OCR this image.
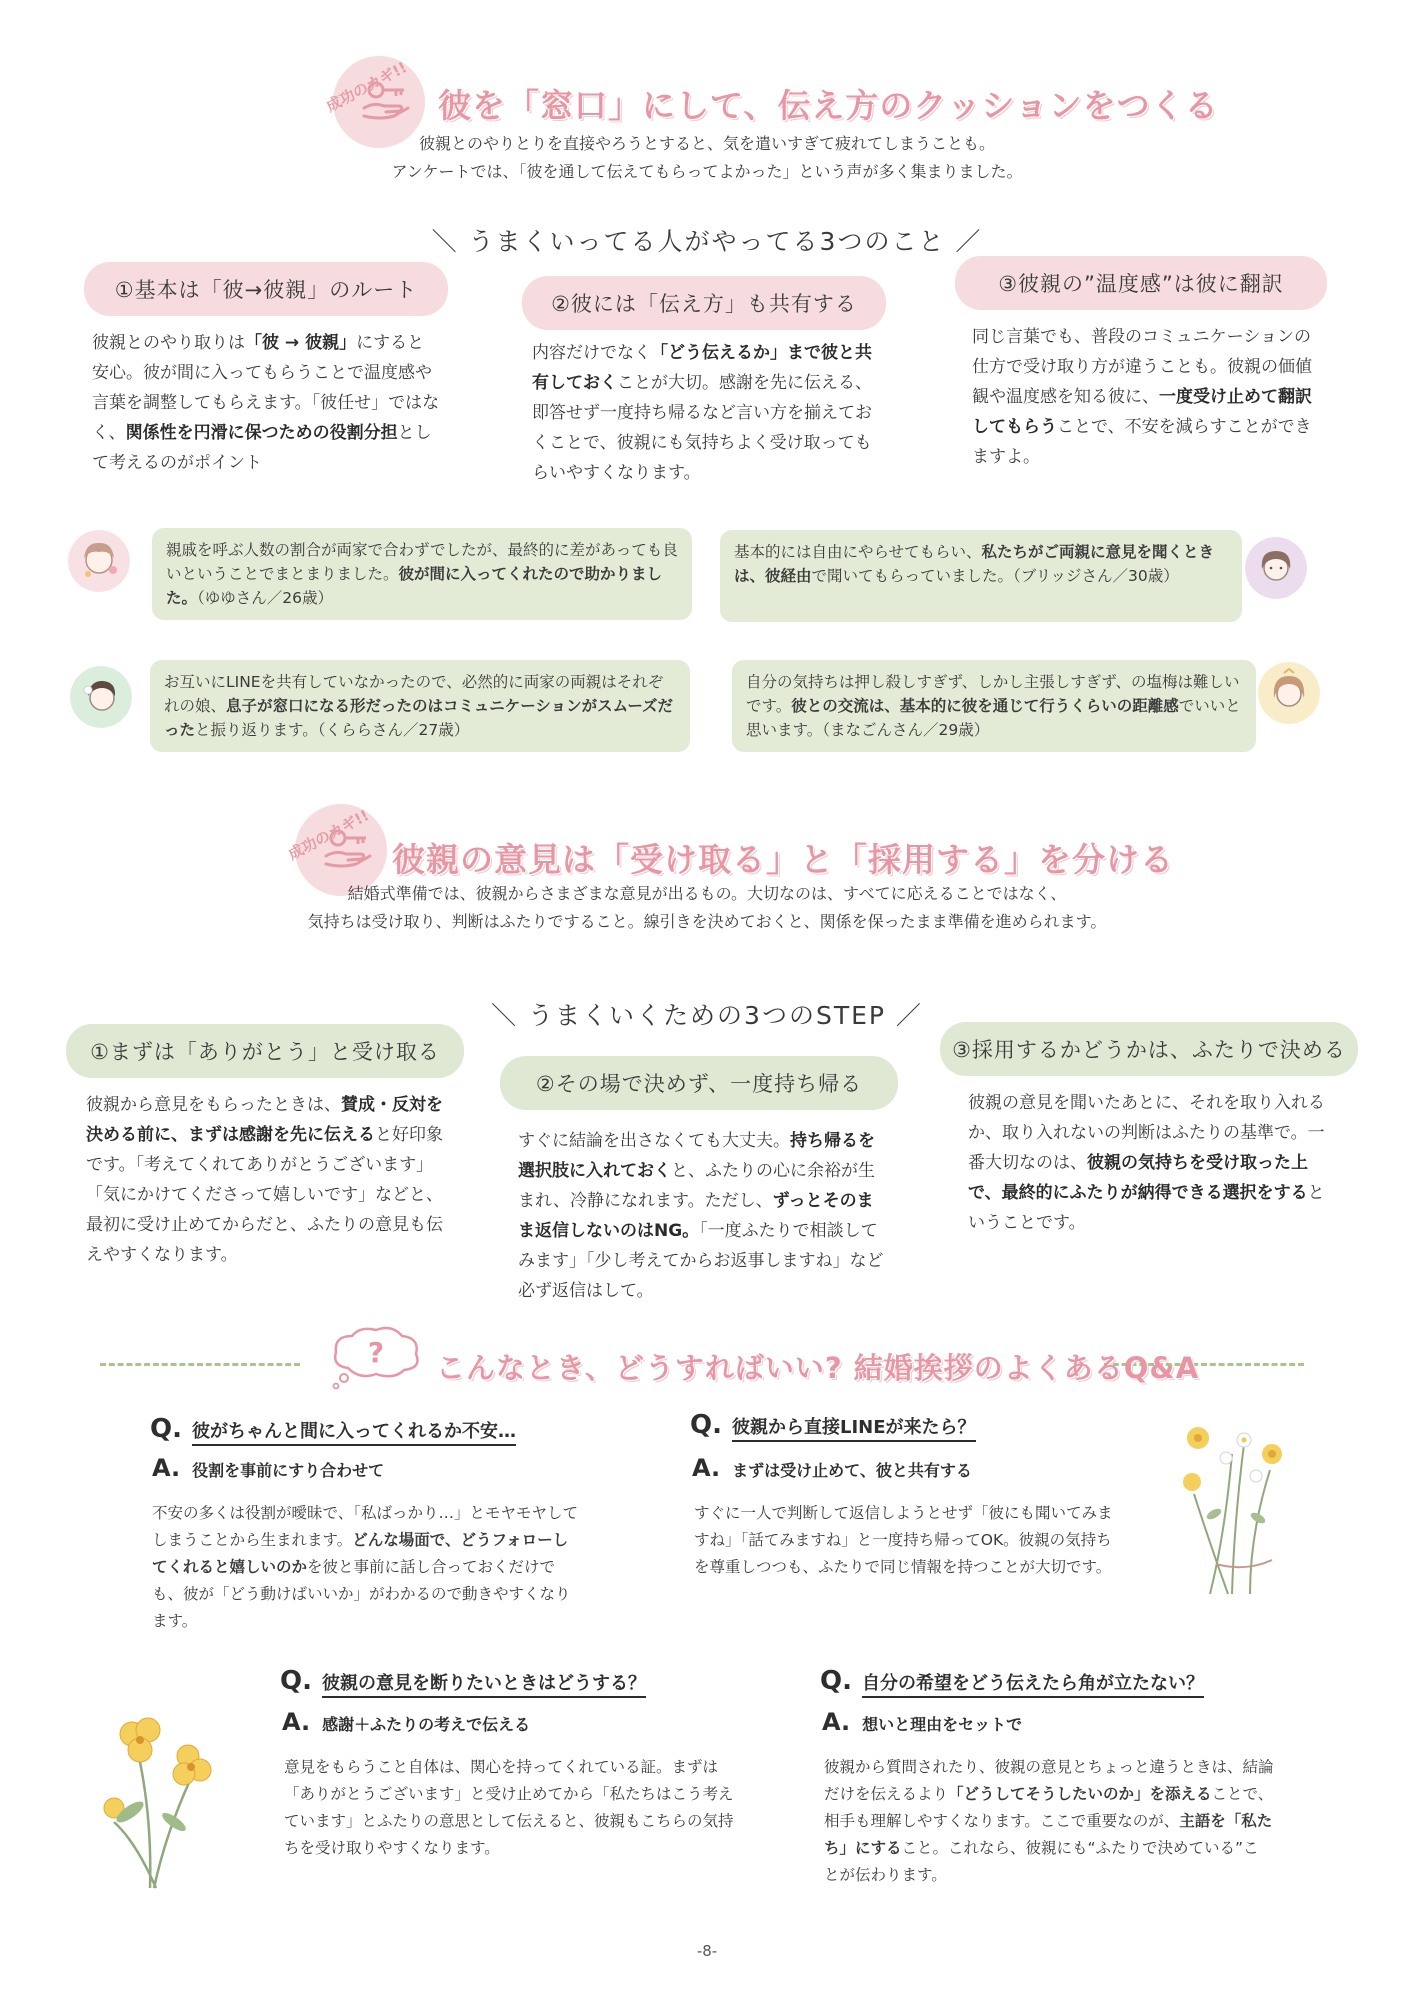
成功のカギ!! 彼を「窓口」にして、伝え方のクッションをつくる
彼親とのやりとりを直接やろうとすると、気を遣いすぎて疲れてしまうことも。
アンケートでは、「彼を通して伝えてもらってよかった」という声が多く集まりました。
＼ うまくいってる人がやってる3つのこと ／
①基本は「彼→彼親」のルート
②彼には「伝え方」も共有する
③彼親の”温度感”は彼に翻訳
彼親とのやり取りは「彼 → 彼親」にすると安心。彼が間に入ってもらうことで温度感や言葉を調整してもらえます。「彼任せ」ではなく、関係性を円滑に保つための役割分担として考えるのがポイント
内容だけでなく「どう伝えるか」まで彼と共有しておくことが大切。感謝を先に伝える、即答せず一度持ち帰るなど言い方を揃えておくことで、彼親にも気持ちよく受け取ってもらいやすくなります。
同じ言葉でも、普段のコミュニケーションの仕方で受け取り方が違うことも。彼親の価値観や温度感を知る彼に、一度受け止めて翻訳してもらうことで、不安を減らすことができますよ。
親戚を呼ぶ人数の割合が両家で合わずでしたが、最終的に差があっても良いということでまとまりました。彼が間に入ってくれたので助かりました。（ゆゆさん／26歳）
基本的には自由にやらせてもらい、私たちがご両親に意見を聞くときは、彼経由で聞いてもらっていました。（ブリッジさん／30歳）
お互いにLINEを共有していなかったので、必然的に両家の両親はそれぞれの娘、息子が窓口になる形だったのはコミュニケーションがスムーズだったと振り返ります。（くららさん／27歳）
自分の気持ちは押し殺しすぎず、しかし主張しすぎず、の塩梅は難しいです。彼との交流は、基本的に彼を通じて行うくらいの距離感でいいと思います。（まなごんさん／29歳）
成功のカギ!! 彼親の意見は「受け取る」と「採用する」を分ける
結婚式準備では、彼親からさまざまな意見が出るもの。大切なのは、すべてに応えることではなく、
気持ちは受け取り、判断はふたりですること。線引きを決めておくと、関係を保ったまま準備を進められます。
＼ うまくいくための3つのSTEP ／
①まずは「ありがとう」と受け取る
②その場で決めず、一度持ち帰る
③採用するかどうかは、ふたりで決める
彼親から意見をもらったときは、賛成・反対を決める前に、まずは感謝を先に伝えると好印象です。「考えてくれてありがとうございます」「気にかけてくださって嬉しいです」などと、最初に受け止めてからだと、ふたりの意見も伝えやすくなります。
すぐに結論を出さなくても大丈夫。持ち帰るを選択肢に入れておくと、ふたりの心に余裕が生まれ、冷静になれます。ただし、ずっとそのまま返信しないのはNG。「一度ふたりで相談してみます」「少し考えてからお返事しますね」など必ず返信はして。
彼親の意見を聞いたあとに、それを取り入れるか、取り入れないの判断はふたりの基準で。一番大切なのは、彼親の気持ちを受け取った上で、最終的にふたりが納得できる選択をするということです。
? こんなとき、どうすればいい? 結婚挨拶のよくあるQ&A
Q. 彼がちゃんと間に入ってくれるか不安…
A. 役割を事前にすり合わせて
不安の多くは役割が曖昧で、「私ばっかり…」とモヤモヤしてしまうことから生まれます。どんな場面で、どうフォローしてくれると嬉しいのかを彼と事前に話し合っておくだけでも、彼が「どう動けばいいか」がわかるので動きやすくなります。
Q. 彼親から直接LINEが来たら？
A. まずは受け止めて、彼と共有する
すぐに一人で判断して返信しようとせず「彼にも聞いてみますね」「話てみますね」と一度持ち帰ってOK。彼親の気持ちを尊重しつつも、ふたりで同じ情報を持つことが大切です。
Q. 彼親の意見を断りたいときはどうする？
A. 感謝＋ふたりの考えで伝える
意見をもらうこと自体は、関心を持ってくれている証。まずは「ありがとうございます」と受け止めてから「私たちはこう考えています」とふたりの意思として伝えると、彼親もこちらの気持ちを受け取りやすくなります。
Q. 自分の希望をどう伝えたら角が立たない？
A. 想いと理由をセットで
彼親から質問されたり、彼親の意見とちょっと違うときは、結論だけを伝えるより「どうしてそうしたいのか」を添えることで、相手も理解しやすくなります。ここで重要なのが、主語を「私たち」にすること。これなら、彼親にも“ふたりで決めている”ことが伝わります。
-8-
